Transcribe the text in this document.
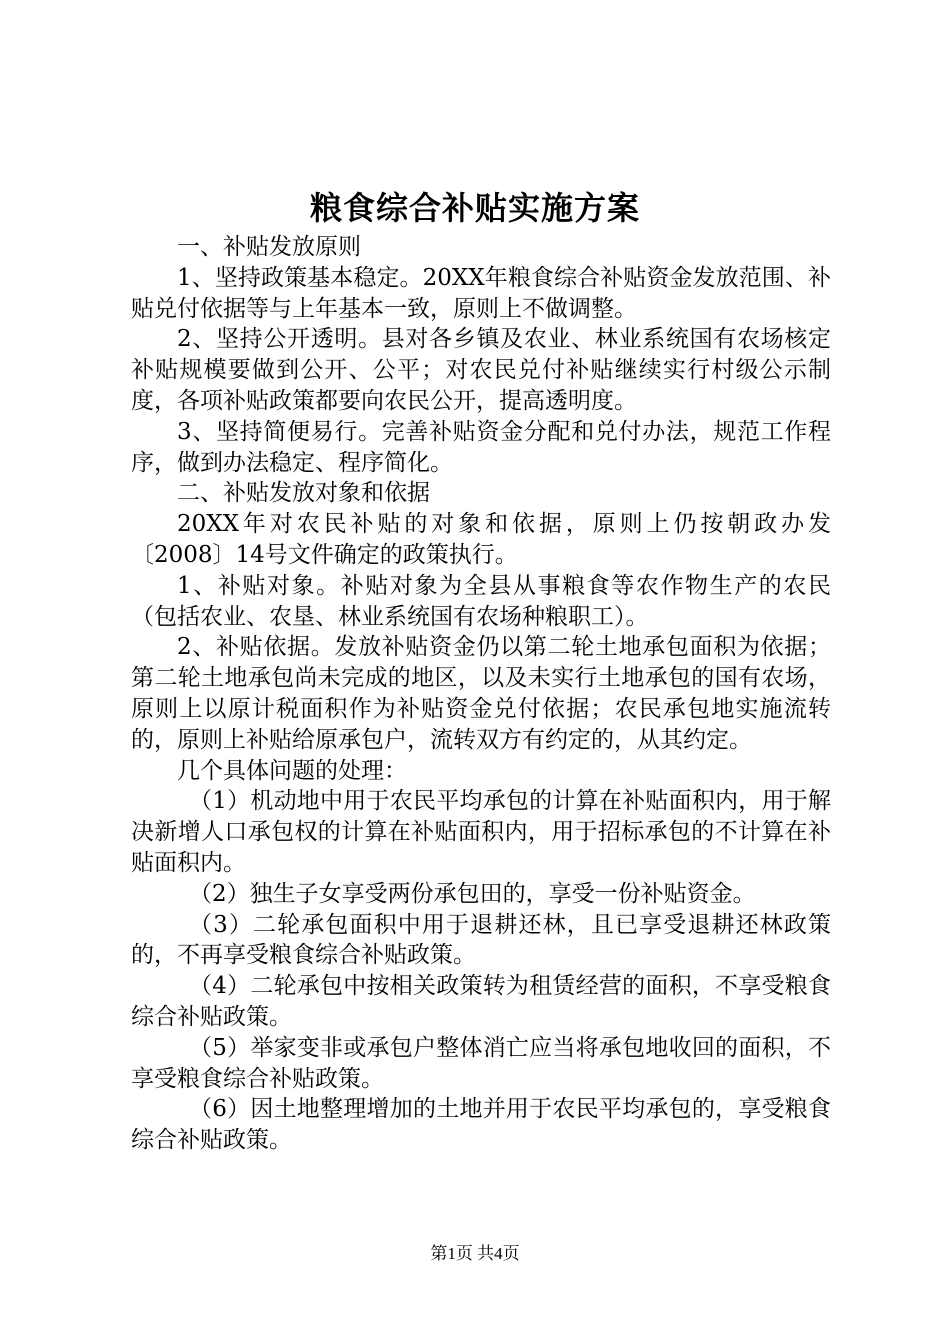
粮食综合补贴实施方案

一、补贴发放原则

1、坚持政策基本稳定。20XX年粮食综合补贴资金发放范围、补贴兑付依据等与上年基本一致，原则上不做调整。

2、坚持公开透明。县对各乡镇及农业、林业系统国有农场核定补贴规模要做到公开、公平；对农民兑付补贴继续实行村级公示制度，各项补贴政策都要向农民公开，提高透明度。

3、坚持简便易行。完善补贴资金分配和兑付办法，规范工作程序，做到办法稳定、程序简化。

二、补贴发放对象和依据

20XX年对农民补贴的对象和依据，原则上仍按朝政办发〔2008〕14号文件确定的政策执行。

1、补贴对象。补贴对象为全县从事粮食等农作物生产的农民（包括农业、农垦、林业系统国有农场种粮职工）。

2、补贴依据。发放补贴资金仍以第二轮土地承包面积为依据；第二轮土地承包尚未完成的地区，以及未实行土地承包的国有农场，原则上以原计税面积作为补贴资金兑付依据；农民承包地实施流转的，原则上补贴给原承包户，流转双方有约定的，从其约定。

几个具体问题的处理：

（1）机动地中用于农民平均承包的计算在补贴面积内，用于解决新增人口承包权的计算在补贴面积内，用于招标承包的不计算在补贴面积内。

（2）独生子女享受两份承包田的，享受一份补贴资金。

（3）二轮承包面积中用于退耕还林，且已享受退耕还林政策的，不再享受粮食综合补贴政策。

（4）二轮承包中按相关政策转为租赁经营的面积，不享受粮食综合补贴政策。

（5）举家变非或承包户整体消亡应当将承包地收回的面积，不享受粮食综合补贴政策。

（6）因土地整理增加的土地并用于农民平均承包的，享受粮食综合补贴政策。

第1页 共4页
